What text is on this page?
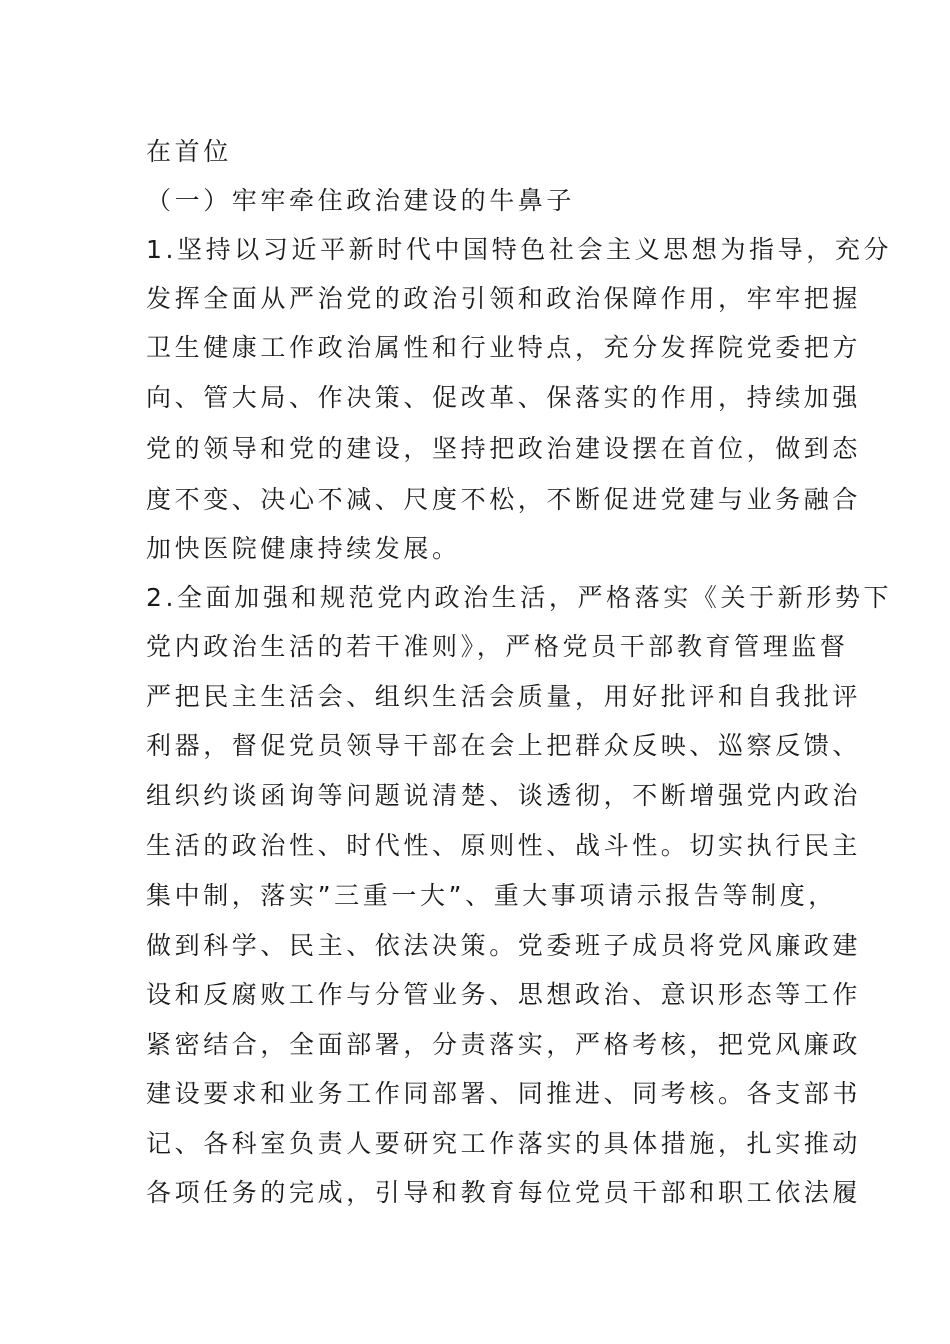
在首位
（一）牢牢牵住政治建设的牛鼻子
1.坚持以习近平新时代中国特色社会主义思想为指导，充分
发挥全面从严治党的政治引领和政治保障作用，牢牢把握
卫生健康工作政治属性和行业特点，充分发挥院党委把方
向、管大局、作决策、促改革、保落实的作用，持续加强
党的领导和党的建设，坚持把政治建设摆在首位，做到态
度不变、决心不减、尺度不松，不断促进党建与业务融合
加快医院健康持续发展。
2.全面加强和规范党内政治生活，严格落实《关于新形势下
党内政治生活的若干准则》，严格党员干部教育管理监督
严把民主生活会、组织生活会质量，用好批评和自我批评
利器，督促党员领导干部在会上把群众反映、巡察反馈、
组织约谈函询等问题说清楚、谈透彻，不断增强党内政治
生活的政治性、时代性、原则性、战斗性。切实执行民主
集中制，落实”三重一大”、重大事项请示报告等制度，
做到科学、民主、依法决策。党委班子成员将党风廉政建
设和反腐败工作与分管业务、思想政治、意识形态等工作
紧密结合，全面部署，分责落实，严格考核，把党风廉政
建设要求和业务工作同部署、同推进、同考核。各支部书
记、各科室负责人要研究工作落实的具体措施，扎实推动
各项任务的完成，引导和教育每位党员干部和职工依法履
